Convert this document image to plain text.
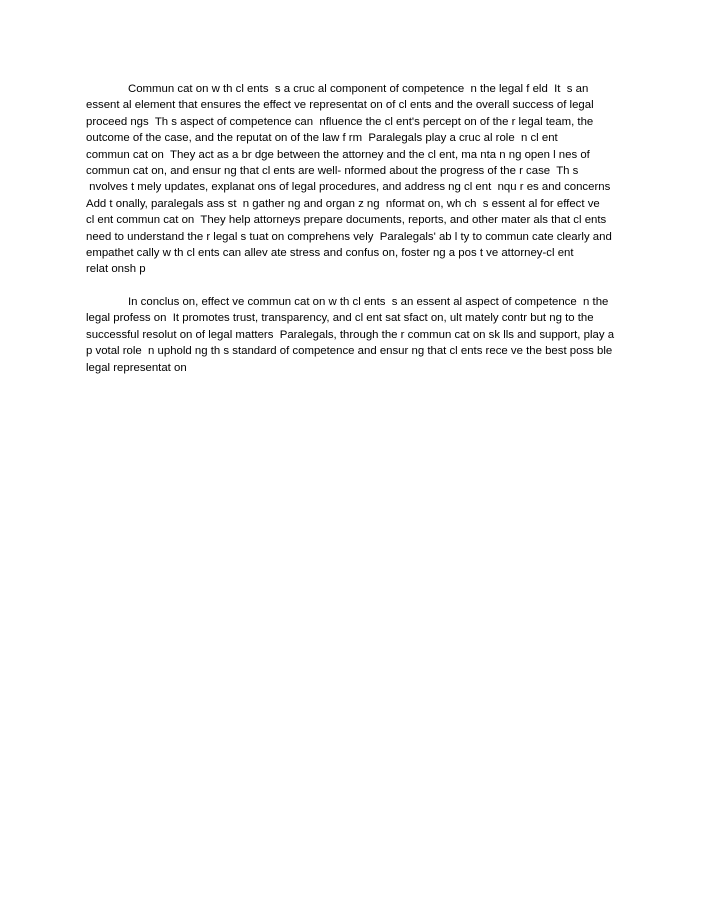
Commun cat on w th cl ents  s a cruc al component of competence  n the legal f eld  It  s an
essent al element that ensures the effect ve representat on of cl ents and the overall success of legal
proceed ngs  Th s aspect of competence can  nfluence the cl ent's percept on of the r legal team, the
outcome of the case, and the reputat on of the law f rm  Paralegals play a cruc al role  n cl ent
commun cat on  They act as a br dge between the attorney and the cl ent, ma nta n ng open l nes of
commun cat on, and ensur ng that cl ents are well- nformed about the progress of the r case  Th s
nvolves t mely updates, explanat ons of legal procedures, and address ng cl ent  nqu r es and concerns
Add t onally, paralegals ass st  n gather ng and organ z ng  nformat on, wh ch  s essent al for effect ve
cl ent commun cat on  They help attorneys prepare documents, reports, and other mater als that cl ents
need to understand the r legal s tuat on comprehens vely  Paralegals' ab l ty to commun cate clearly and
empathet cally w th cl ents can allev ate stress and confus on, foster ng a pos t ve attorney-cl ent
relat onsh p
In conclus on, effect ve commun cat on w th cl ents  s an essent al aspect of competence  n the
legal profess on  It promotes trust, transparency, and cl ent sat sfact on, ult mately contr but ng to the
successful resolut on of legal matters  Paralegals, through the r commun cat on sk lls and support, play a
p votal role  n uphold ng th s standard of competence and ensur ng that cl ents rece ve the best poss ble
legal representat on
